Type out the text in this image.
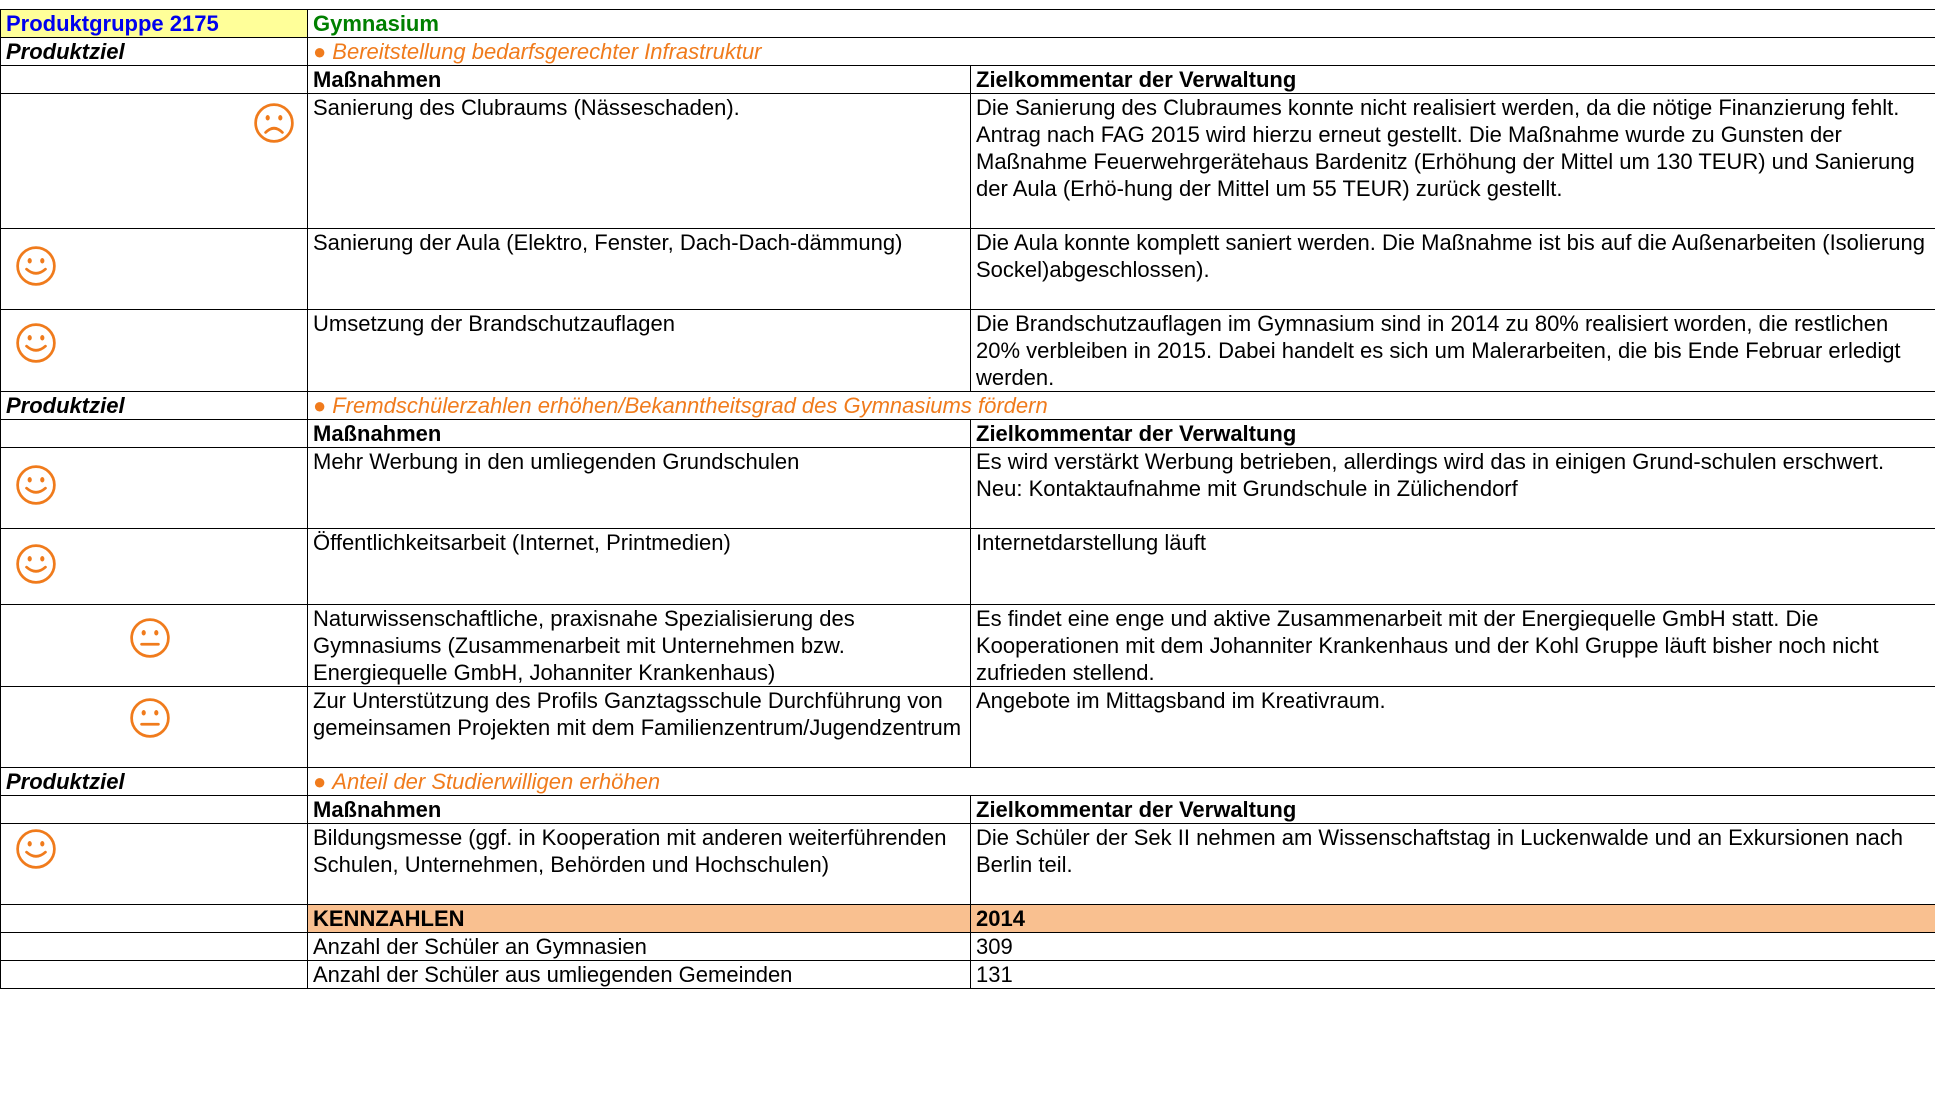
Produktgruppe 2175	Gymnasium	
Produktziel	● Bereitstellung bedarfsgerechter Infrastruktur	
	Maßnahmen	Zielkommentar der Verwaltung

	Sanierung des Clubraums (Nässeschaden).	Die Sanierung des Clubraumes konnte nicht realisiert werden, da die nötige Finanzierung fehlt. Antrag nach FAG 2015 wird hierzu erneut gestellt. Die Maßnahme wurde zu Gunsten der Maßnahme Feuerwehrgerätehaus Bardenitz (Erhöhung der Mittel um 130 TEUR) und Sanierung der Aula (Erhö-hung der Mittel um 55 TEUR) zurück gestellt.

	Sanierung der Aula (Elektro, Fenster, Dach-Dach-dämmung)	Die Aula konnte komplett saniert werden. Die Maßnahme ist bis auf die Außenarbeiten (Isolierung Sockel)abgeschlossen).

	Umsetzung der Brandschutzauflagen	Die Brandschutzauflagen im Gymnasium sind in 2014 zu 80% realisiert worden, die restlichen 20% verbleiben in 2015. Dabei handelt es sich um Malerarbeiten, die bis Ende Februar erledigt werden.
Produktziel	● Fremdschülerzahlen erhöhen/Bekanntheitsgrad des Gymnasiums fördern	
	Maßnahmen	Zielkommentar der Verwaltung

	Mehr Werbung in den umliegenden Grundschulen	Es wird verstärkt Werbung betrieben, allerdings wird das in einigen Grund-schulen erschwert. Neu: Kontaktaufnahme mit Grundschule in Zülichendorf

	Öffentlichkeitsarbeit (Internet, Printmedien)	Internetdarstellung läuft

	Naturwissenschaftliche, praxisnahe Spezialisierung des Gymnasiums (Zusammenarbeit mit Unternehmen bzw. Energiequelle GmbH, Johanniter Krankenhaus)	Es findet eine enge und aktive Zusammenarbeit mit der Energiequelle GmbH statt. Die Kooperationen mit dem Johanniter Krankenhaus und der Kohl Gruppe läuft bisher noch nicht zufrieden stellend.

	Zur Unterstützung des Profils Ganztagsschule Durchführung von gemeinsamen Projekten mit dem Familienzentrum/Jugendzentrum	Angebote im Mittagsband im Kreativraum.
Produktziel	● Anteil der Studierwilligen erhöhen	
	Maßnahmen	Zielkommentar der Verwaltung

	Bildungsmesse (ggf. in Kooperation mit anderen weiterführenden Schulen, Unternehmen, Behörden und Hochschulen)	Die Schüler der Sek II nehmen am Wissenschaftstag in Luckenwalde und an Exkursionen nach Berlin teil.
	KENNZAHLEN	2014
	Anzahl der Schüler an Gymnasien	309
	Anzahl der Schüler aus umliegenden Gemeinden	131
